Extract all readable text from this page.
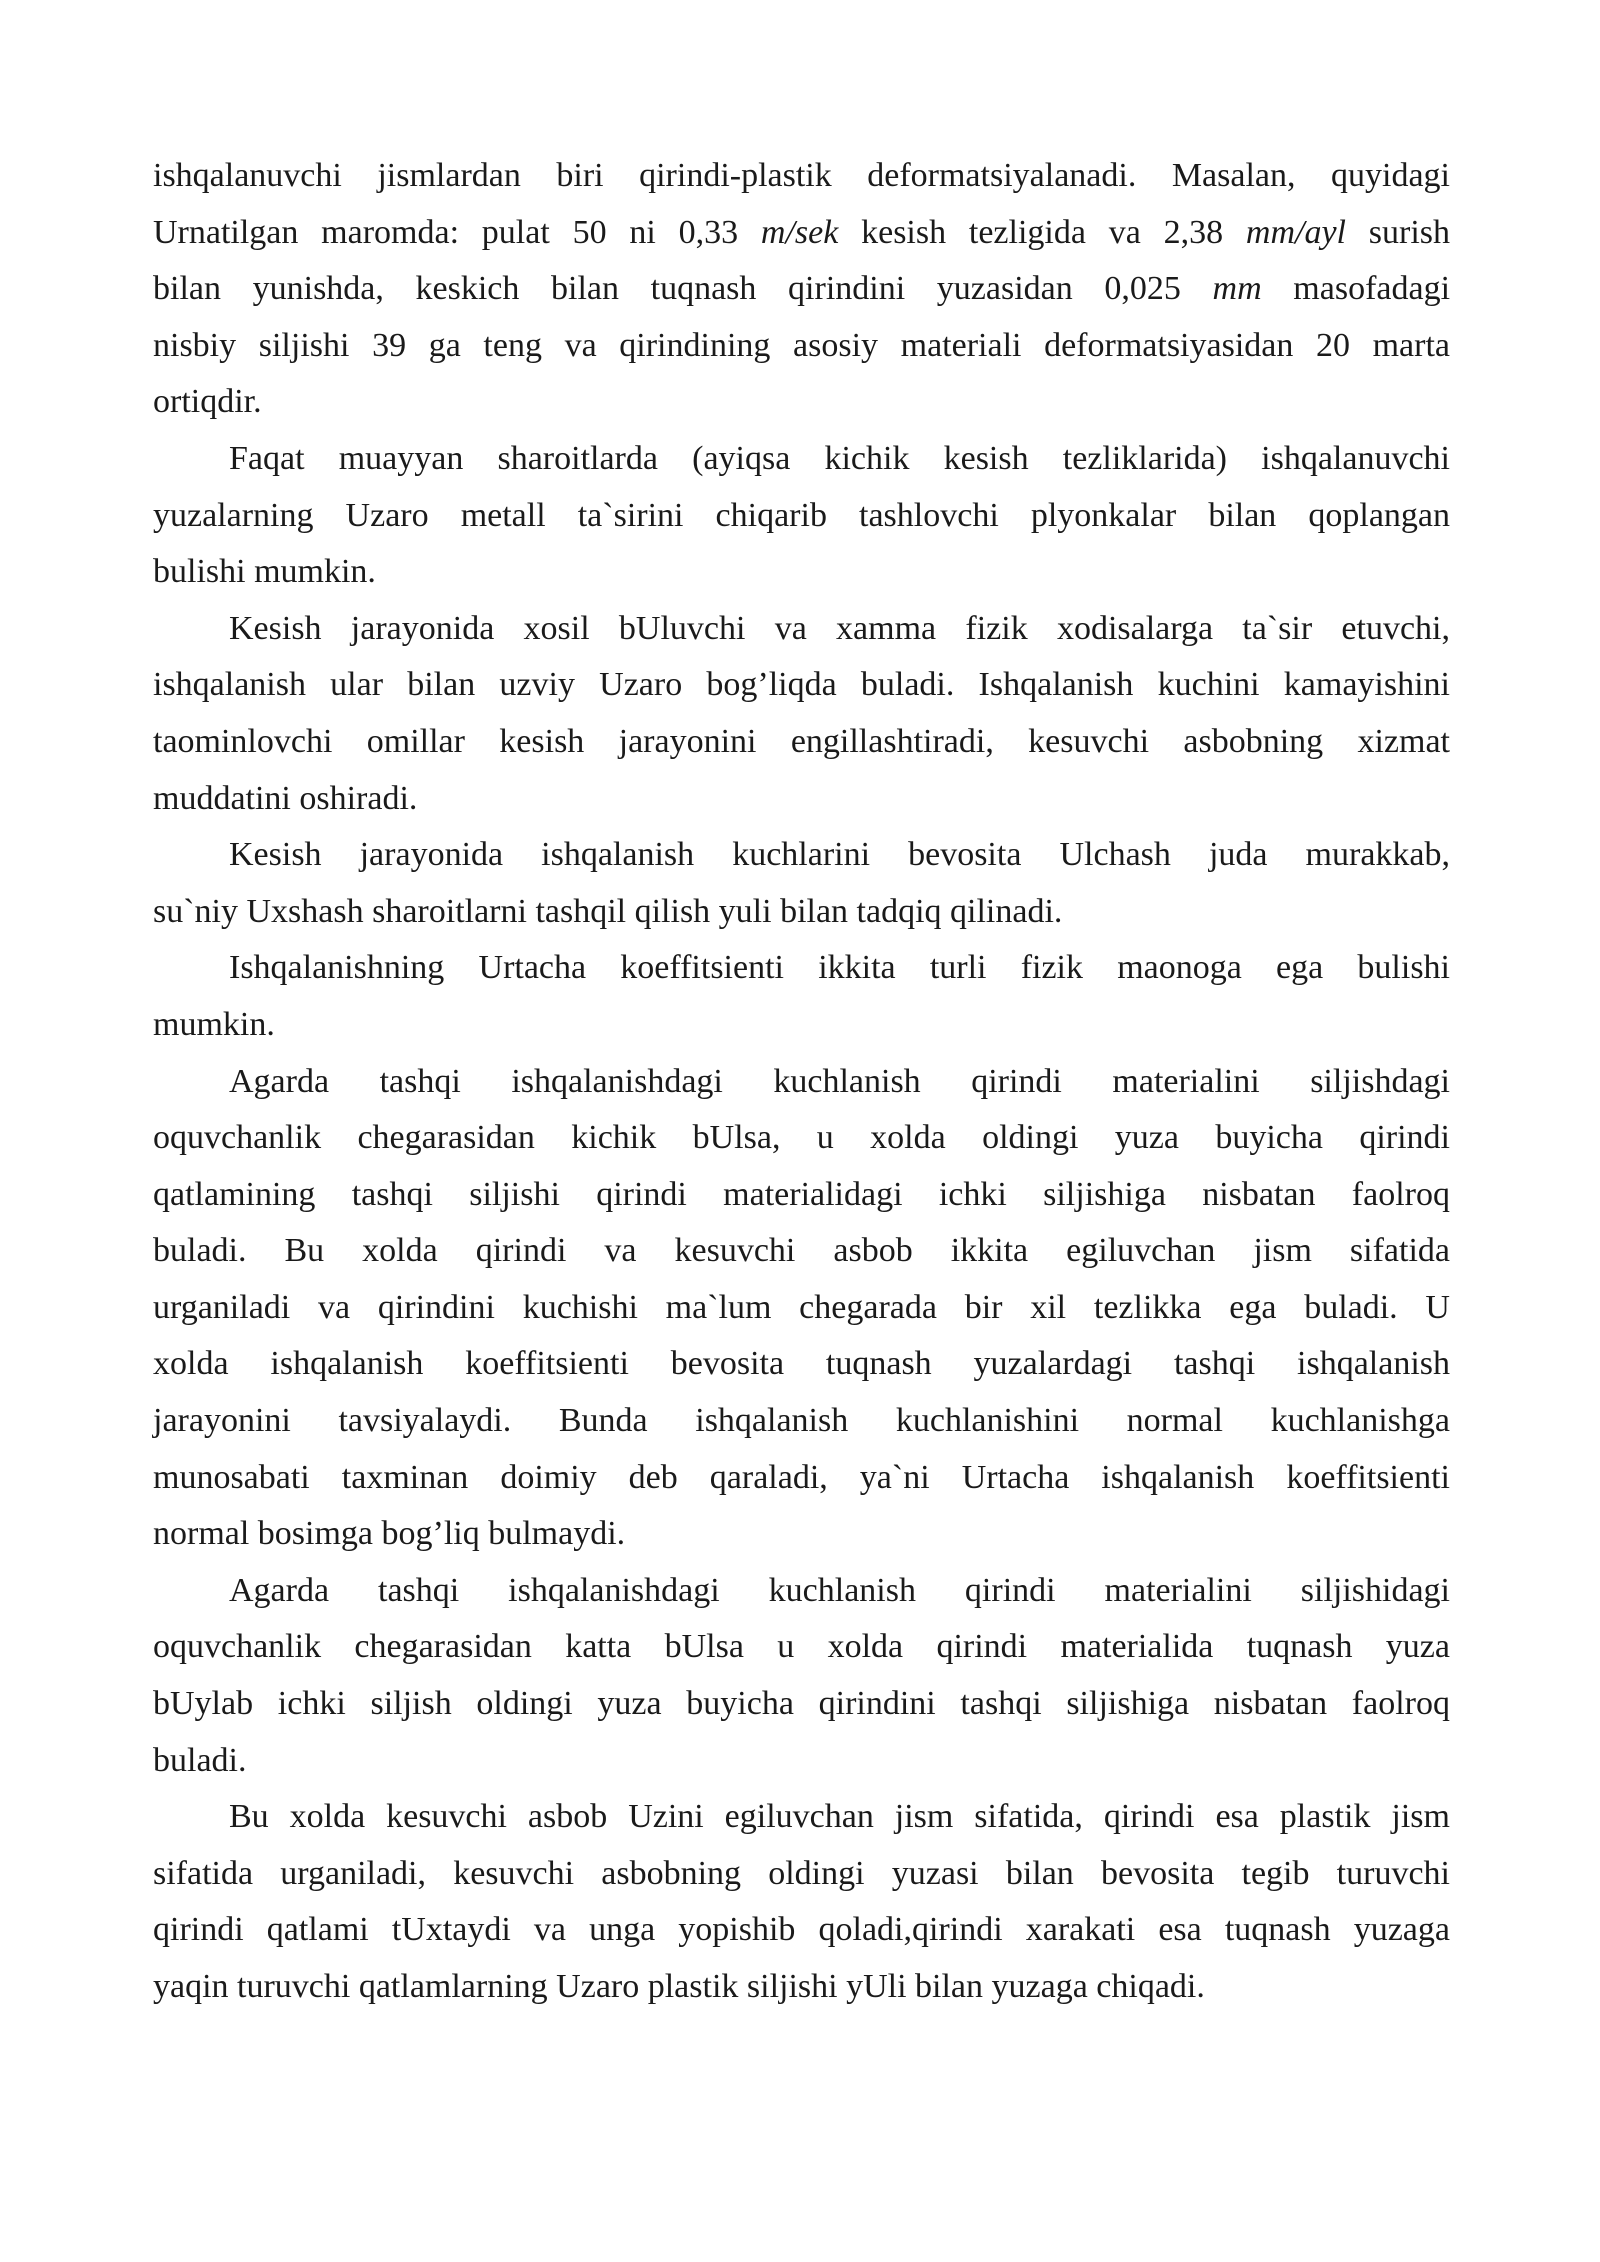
ishqalanuvchi jismlardan biri qirindi-plastik deformatsiyalanadi. Masalan, quyidagi
Urnatilgan maromda: pulat 50 ni 0,33 m/sek kesish tezligida va 2,38 mm/ayl surish
bilan yunishda, keskich bilan tuqnash qirindini yuzasidan 0,025 mm masofadagi
nisbiy siljishi 39 ga teng va qirindining asosiy materiali deformatsiyasidan 20 marta
ortiqdir.
Faqat muayyan sharoitlarda (ayiqsa kichik kesish tezliklarida) ishqalanuvchi
yuzalarning Uzaro metall ta`sirini chiqarib tashlovchi plyonkalar bilan qoplangan
bulishi mumkin.
Kesish jarayonida xosil bUluvchi va xamma fizik xodisalarga ta`sir etuvchi,
ishqalanish ular bilan uzviy Uzaro bog’liqda buladi. Ishqalanish kuchini kamayishini
taominlovchi omillar kesish jarayonini engillashtiradi, kesuvchi asbobning xizmat
muddatini oshiradi.
Kesish jarayonida ishqalanish kuchlarini bevosita Ulchash juda murakkab,
su`niy Uxshash sharoitlarni tashqil qilish yuli bilan tadqiq qilinadi.
Ishqalanishning Urtacha koeffitsienti ikkita turli fizik maonoga ega bulishi
mumkin.
Agarda tashqi ishqalanishdagi kuchlanish qirindi materialini siljishdagi
oquvchanlik chegarasidan kichik bUlsa, u xolda oldingi yuza buyicha qirindi
qatlamining tashqi siljishi qirindi materialidagi ichki siljishiga nisbatan faolroq
buladi. Bu xolda qirindi va kesuvchi asbob ikkita egiluvchan jism sifatida
urganiladi va qirindini kuchishi ma`lum chegarada bir xil tezlikka ega buladi. U
xolda ishqalanish koeffitsienti bevosita tuqnash yuzalardagi tashqi ishqalanish
jarayonini tavsiyalaydi. Bunda ishqalanish kuchlanishini normal kuchlanishga
munosabati taxminan doimiy deb qaraladi, ya`ni Urtacha ishqalanish koeffitsienti
normal bosimga bog’liq bulmaydi.
Agarda tashqi ishqalanishdagi kuchlanish qirindi materialini siljishidagi
oquvchanlik chegarasidan katta bUlsa u xolda qirindi materialida tuqnash yuza
bUylab ichki siljish oldingi yuza buyicha qirindini tashqi siljishiga nisbatan faolroq
buladi.
Bu xolda kesuvchi asbob Uzini egiluvchan jism sifatida, qirindi esa plastik jism
sifatida urganiladi, kesuvchi asbobning oldingi yuzasi bilan bevosita tegib turuvchi
qirindi qatlami tUxtaydi va unga yopishib qoladi,qirindi xarakati esa tuqnash yuzaga
yaqin turuvchi qatlamlarning Uzaro plastik siljishi yUli bilan yuzaga chiqadi.
